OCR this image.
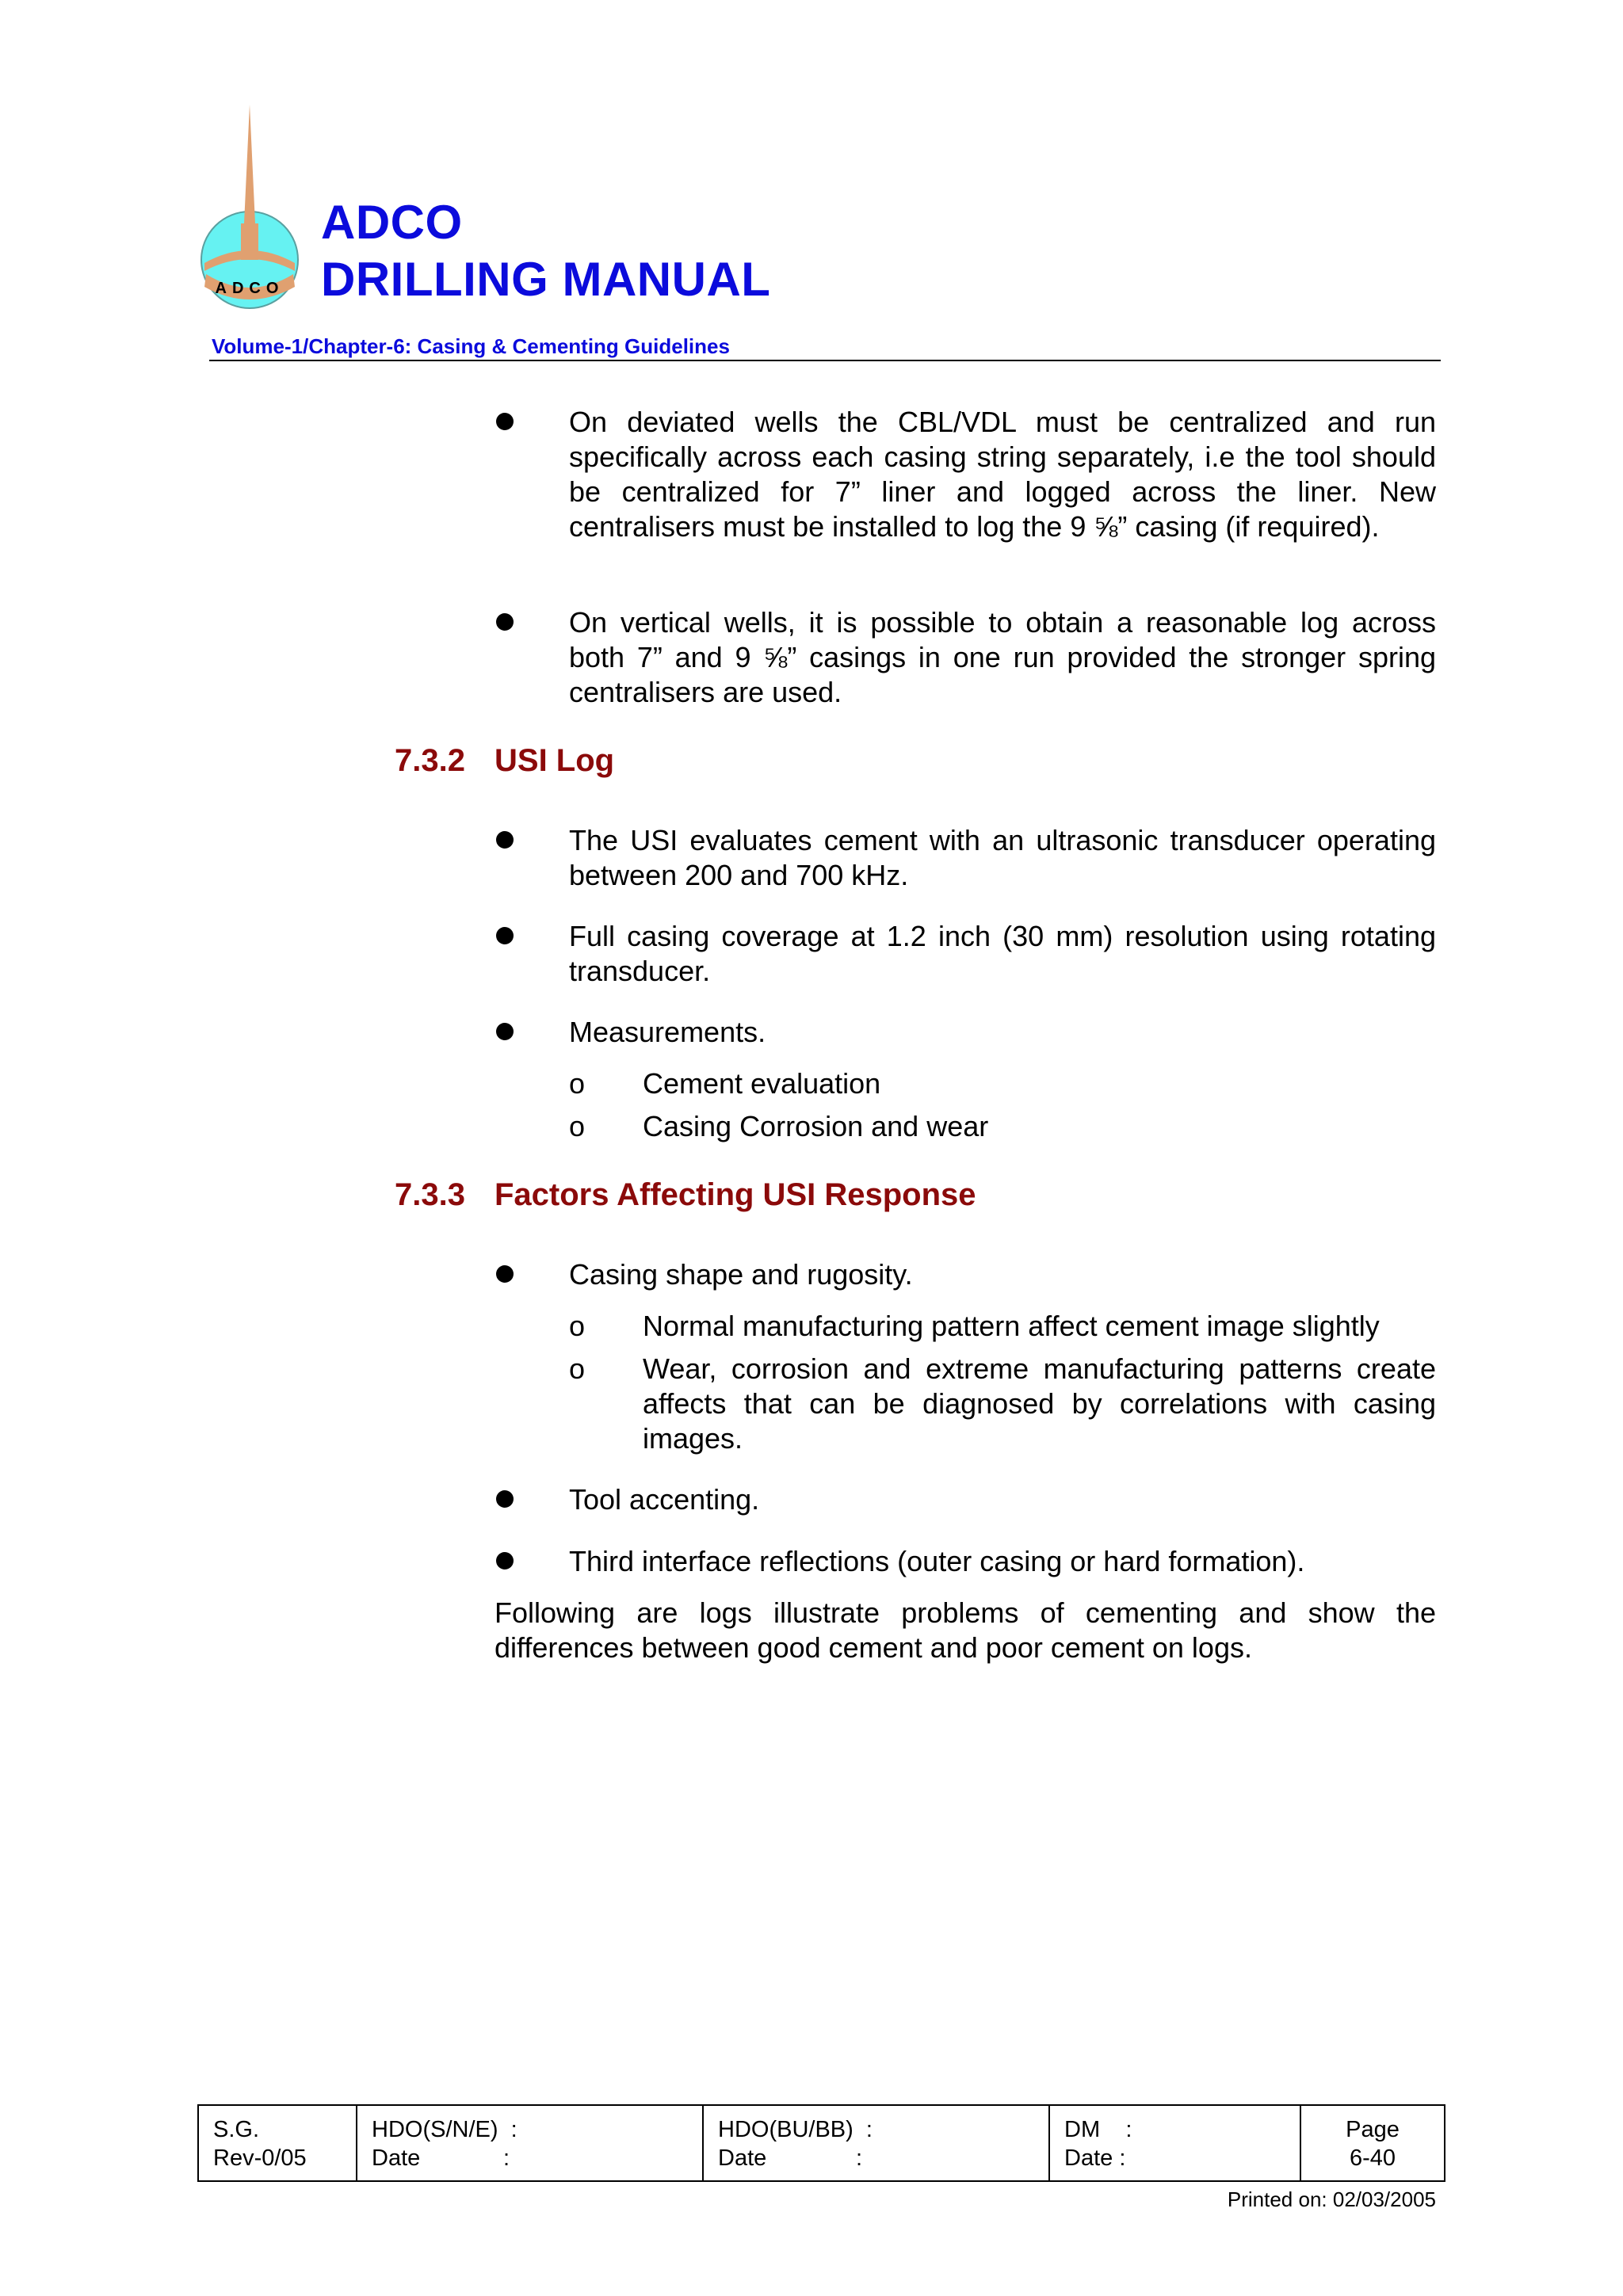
ADCO
ADCO
DRILLING MANUAL
Volume-1/Chapter-6: Casing & Cementing Guidelines
On deviated wells the CBL/VDL must be centralized and run specifically across each casing string separately, i.e the tool should be centralized for 7” liner and logged across the liner. New centralisers must be installed to log the 9 ⅝” casing (if required).
On vertical wells, it is possible to obtain a reasonable log across both 7” and 9 ⅝” casings in one run provided the stronger spring centralisers are used.
7.3.2 USI Log
The USI evaluates cement with an ultrasonic transducer operating between 200 and 700 kHz.
Full casing coverage at 1.2 inch (30 mm) resolution using rotating transducer.
Measurements.
o Cement evaluation
o Casing Corrosion and wear
7.3.3 Factors Affecting USI Response
Casing shape and rugosity.
o Normal manufacturing pattern affect cement image slightly
o Wear, corrosion and extreme manufacturing patterns create affects that can be diagnosed by correlations with casing images.
Tool accenting.
Third interface reflections (outer casing or hard formation).
Following are logs illustrate problems of cementing and show the differences between good cement and poor cement on logs.
S.G.
Rev-0/05
HDO(S/N/E)  :
Date             :
HDO(BU/BB)  :
Date              :
DM    :
Date :
Page
6-40
Printed on: 02/03/2005
